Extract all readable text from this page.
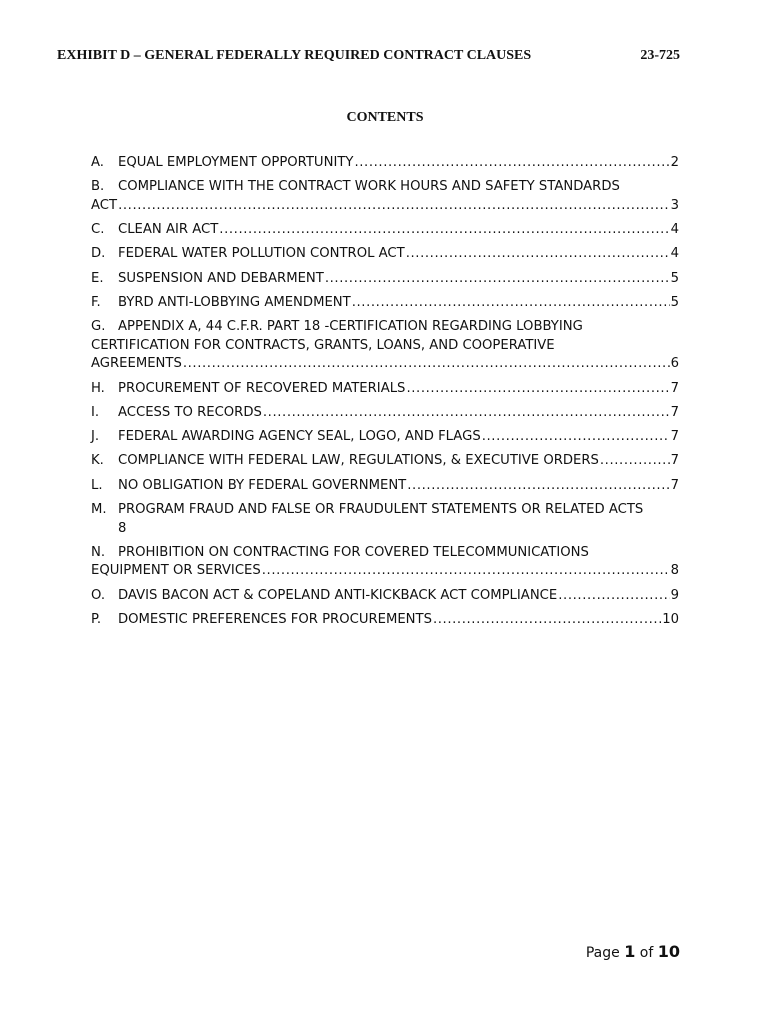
EXHIBIT D – GENERAL FEDERALLY REQUIRED CONTRACT CLAUSES	23-725
CONTENTS
A.	EQUAL EMPLOYMENT OPPORTUNITY .....	2
B. COMPLIANCE WITH THE CONTRACT WORK HOURS AND SAFETY STANDARDS
ACT .....	3
C.	CLEAN AIR ACT .....	4
D. FEDERAL WATER POLLUTION CONTROL ACT .....	4
E.	SUSPENSION AND DEBARMENT .....	5
F.	BYRD ANTI-LOBBYING AMENDMENT .....	5
G. APPENDIX A, 44 C.F.R. PART 18 -CERTIFICATION REGARDING LOBBYING
CERTIFICATION FOR CONTRACTS, GRANTS, LOANS, AND COOPERATIVE
AGREEMENTS .....	6
H. PROCUREMENT OF RECOVERED MATERIALS .....	7
I.	ACCESS TO RECORDS .....	7
J.	FEDERAL AWARDING AGENCY SEAL, LOGO, AND FLAGS .....	7
K.	COMPLIANCE WITH FEDERAL LAW, REGULATIONS, & EXECUTIVE ORDERS .....	7
L.	NO OBLIGATION BY FEDERAL GOVERNMENT .....	7
M. PROGRAM FRAUD AND FALSE OR FRAUDULENT STATEMENTS OR RELATED ACTS
8
N. PROHIBITION ON CONTRACTING FOR COVERED TELECOMMUNICATIONS
EQUIPMENT OR SERVICES .....	8
O. DAVIS BACON ACT & COPELAND ANTI-KICKBACK ACT COMPLIANCE .....	9
P.	DOMESTIC PREFERENCES FOR PROCUREMENTS .....	10
Page 1 of 10
